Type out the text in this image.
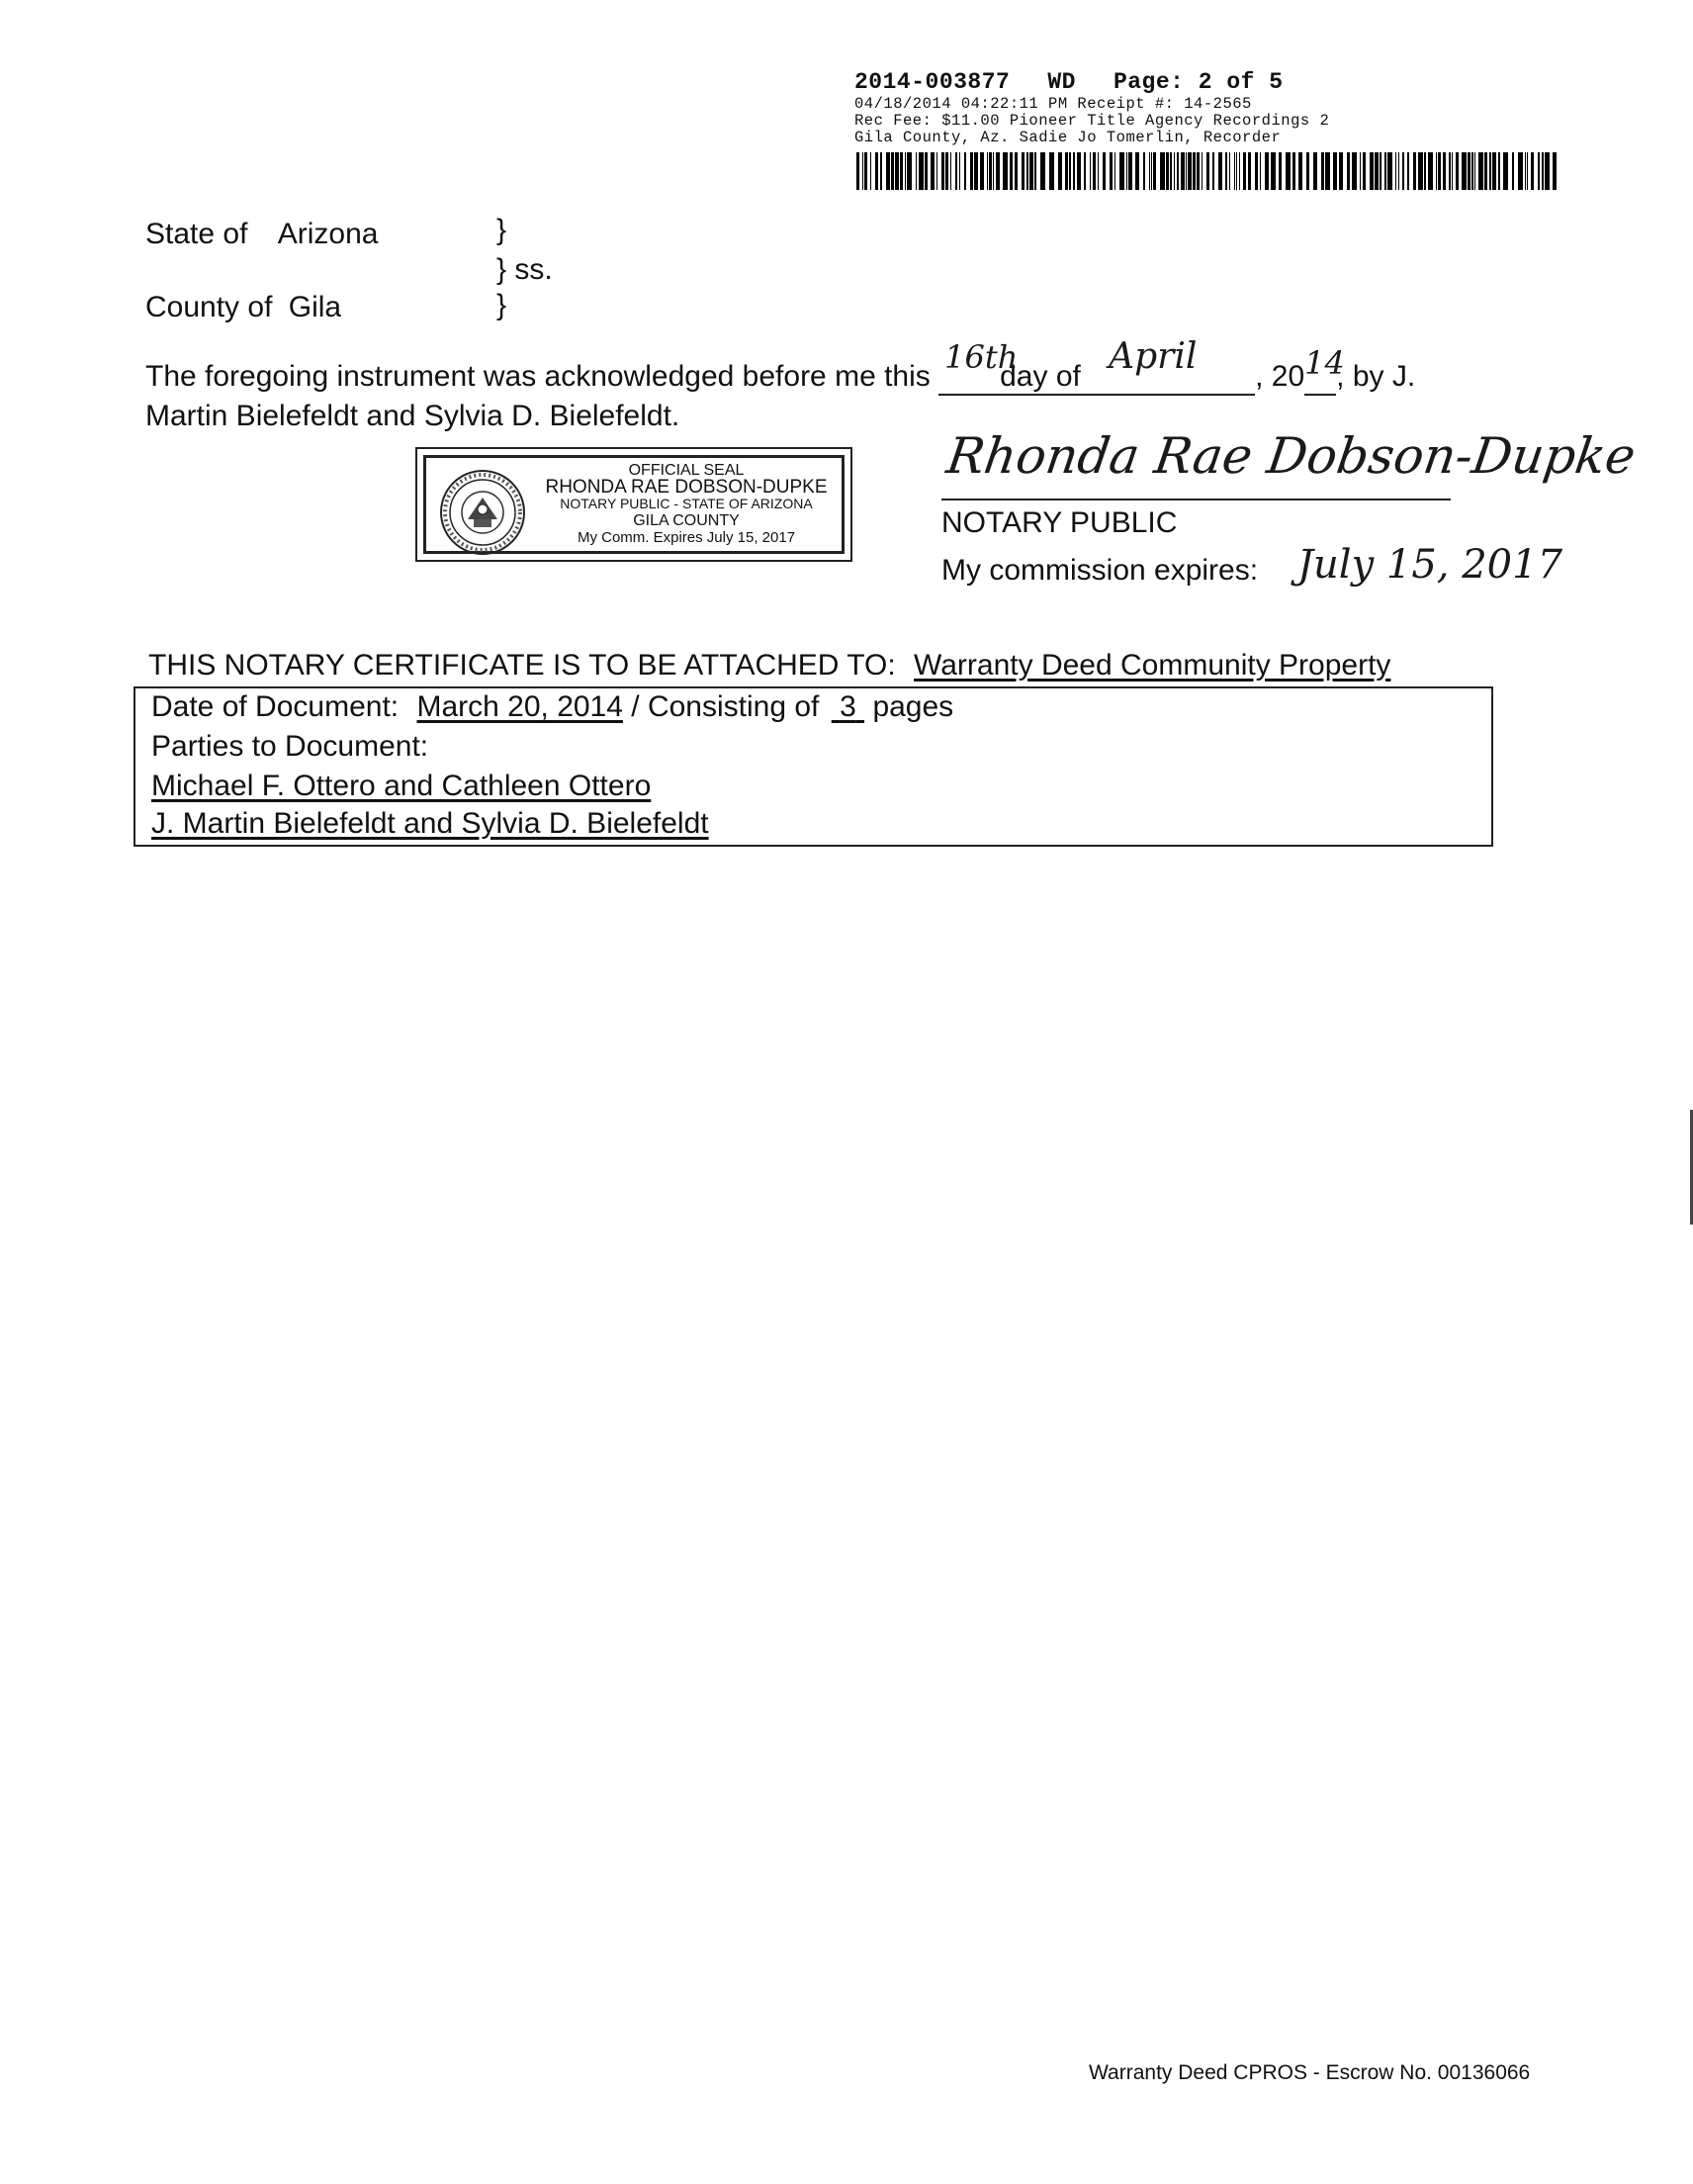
2014-003877 WD Page: 2 of 5
04/18/2014 04:22:11 PM Receipt #: 14-2565
Rec Fee: $11.00 Pioneer Title Agency Recordings 2
Gila County, Az. Sadie Jo Tomerlin, Recorder
State of Arizona	}
} ss.
County of Gila	}
The foregoing instrument was acknowledged before me this
16th
day of April , 20 14
, by J.
Martin Bielefeldt and Sylvia D. Bielefeldt.
OFFICIAL SEAL
RHONDA RAE DOBSON-DUPKE
NOTARY PUBLIC - STATE OF ARIZONA
GILA COUNTY
My Comm. Expires July 15, 2017
Rhonda Rae Dobson-Dupke
NOTARY PUBLIC
My commission expires: July 15, 2017
THIS NOTARY CERTIFICATE IS TO BE ATTACHED TO: Warranty Deed Community Property
Date of Document: March 20, 2014 / Consisting of 3 pages
Parties to Document:
Michael F. Ottero and Cathleen Ottero
J. Martin Bielefeldt and Sylvia D. Bielefeldt
Warranty Deed CPROS - Escrow No. 00136066
